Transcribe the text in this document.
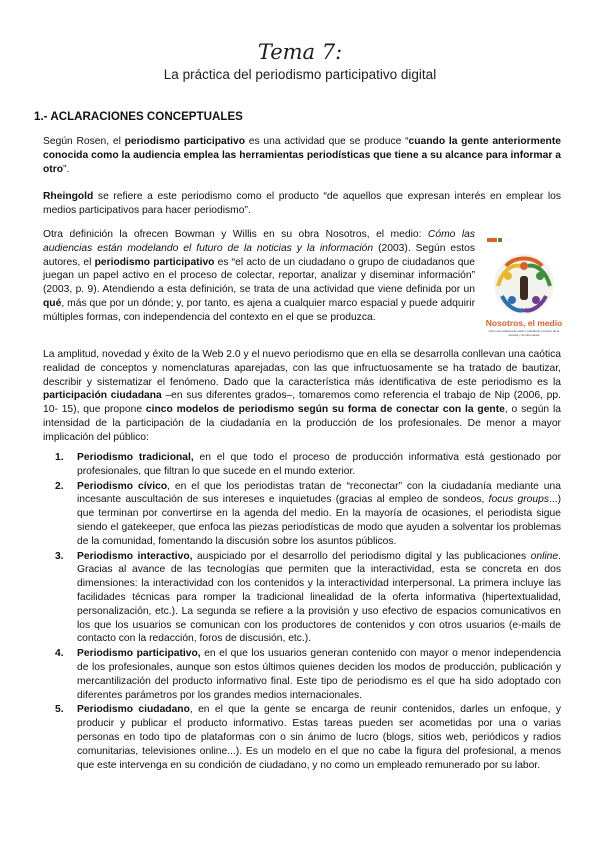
Tema 7:
La práctica del periodismo participativo digital
1.- ACLARACIONES CONCEPTUALES

Según Rosen, el periodismo participativo es una actividad que se produce “cuando la gente anteriormente conocida como la audiencia emplea las herramientas periodísticas que tiene a su alcance para informar a otro”.

Rheingold se refiere a este periodismo como el producto “de aquellos que expresan interés en emplear los medios participativos para hacer periodismo”.

Otra definición la ofrecen Bowman y Willis en su obra Nosotros, el medio: Cómo las audiencias están modelando el futuro de la noticias y la información (2003). Según estos autores, el periodismo participativo es “el acto de un ciudadano o grupo de ciudadanos que juegan un papel activo en el proceso de colectar, reportar, analizar y diseminar información” (2003, p. 9). Atendiendo a esta definición, se trata de una actividad que viene definida por un qué, más que por un dónde; y, por tanto, es ajena a cualquier marco espacial y puede adquirir múltiples formas, con independencia del contexto en el que se produzca.

Nosotros, el medio
Cómo las audiencias están modelando el futuro de la noticias y la información

La amplitud, novedad y éxito de la Web 2.0 y el nuevo periodismo que en ella se desarrolla conllevan una caótica realidad de conceptos y nomenclaturas aparejadas, con las que infructuosamente se ha tratado de bautizar, describir y sistematizar el fenómeno. Dado que la característica más identificativa de este periodismo es la participación ciudadana –en sus diferentes grados–, tomaremos como referencia el trabajo de Nip (2006, pp. 10- 15), que propone cinco modelos de periodismo según su forma de conectar con la gente, o según la intensidad de la participación de la ciudadanía en la producción de los profesionales. De menor a mayor implicación del público:

1. Periodismo tradicional, en el que todo el proceso de producción informativa está gestionado por profesionales, que filtran lo que sucede en el mundo exterior.
2. Periodismo cívico, en el que los periodistas tratan de “reconectar” con la ciudadanía mediante una incesante auscultación de sus intereses e inquietudes (gracias al empleo de sondeos, focus groups...) que terminan por convertirse en la agenda del medio. En la mayoría de ocasiones, el periodista sigue siendo el gatekeeper, que enfoca las piezas periodísticas de modo que ayuden a solventar los problemas de la comunidad, fomentando la discusión sobre los asuntos públicos.
3. Periodismo interactivo, auspiciado por el desarrollo del periodismo digital y las publicaciones online. Gracias al avance de las tecnologías que permiten que la interactividad, esta se concreta en dos dimensiones: la interactividad con los contenidos y la interactividad interpersonal. La primera incluye las facilidades técnicas para romper la tradicional linealidad de la oferta informativa (hipertextualidad, personalización, etc.). La segunda se refiere a la provisión y uso efectivo de espacios comunicativos en los que los usuarios se comunican con los productores de contenidos y con otros usuarios (e-mails de contacto con la redacción, foros de discusión, etc.).
4. Periodismo participativo, en el que los usuarios generan contenido con mayor o menor independencia de los profesionales, aunque son estos últimos quienes deciden los modos de producción, publicación y mercantilización del producto informativo final. Este tipo de periodismo es el que ha sido adoptado con diferentes parámetros por los grandes medios internacionales.
5. Periodismo ciudadano, en el que la gente se encarga de reunir contenidos, darles un enfoque, y producir y publicar el producto informativo. Estas tareas pueden ser acometidas por una o varias personas en todo tipo de plataformas con o sin ánimo de lucro (blogs, sitios web, periódicos y radios comunitarias, televisiones online...). Es un modelo en el que no cabe la figura del profesional, a menos que este intervenga en su condición de ciudadano, y no como un empleado remunerado por su labor.
